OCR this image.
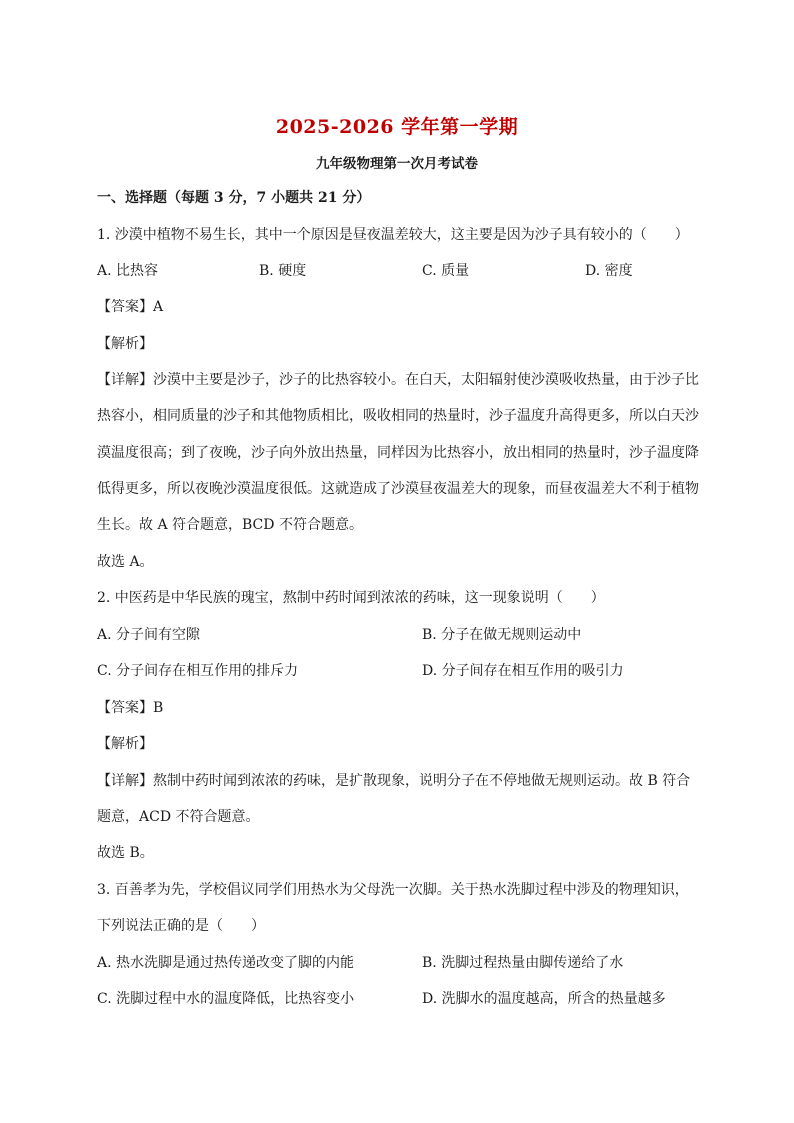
2025-2026 学年第一学期
九年级物理第一次月考试卷
一、选择题（每题 3 分，7 小题共 21 分）
1. 沙漠中植物不易生长，其中一个原因是昼夜温差较大，这主要是因为沙子具有较小的（　　）
A. 比热容	B. 硬度	C. 质量	D. 密度
【答案】A
【解析】
【详解】沙漠中主要是沙子，沙子的比热容较小。在白天，太阳辐射使沙漠吸收热量，由于沙子比
热容小，相同质量的沙子和其他物质相比，吸收相同的热量时，沙子温度升高得更多，所以白天沙
漠温度很高；到了夜晚，沙子向外放出热量，同样因为比热容小，放出相同的热量时，沙子温度降
低得更多，所以夜晚沙漠温度很低。这就造成了沙漠昼夜温差大的现象，而昼夜温差大不利于植物
生长。故 A 符合题意，BCD 不符合题意。
故选 A。
2. 中医药是中华民族的瑰宝，熬制中药时闻到浓浓的药味，这一现象说明（　　）
A. 分子间有空隙	B. 分子在做无规则运动中
C. 分子间存在相互作用的排斥力	D. 分子间存在相互作用的吸引力
【答案】B
【解析】
【详解】熬制中药时闻到浓浓的药味，是扩散现象，说明分子在不停地做无规则运动。故 B 符合
题意，ACD 不符合题意。
故选 B。
3. 百善孝为先，学校倡议同学们用热水为父母洗一次脚。关于热水洗脚过程中涉及的物理知识，
下列说法正确的是（　　）
A. 热水洗脚是通过热传递改变了脚的内能	B. 洗脚过程热量由脚传递给了水
C. 洗脚过程中水的温度降低，比热容变小	D. 洗脚水的温度越高，所含的热量越多
